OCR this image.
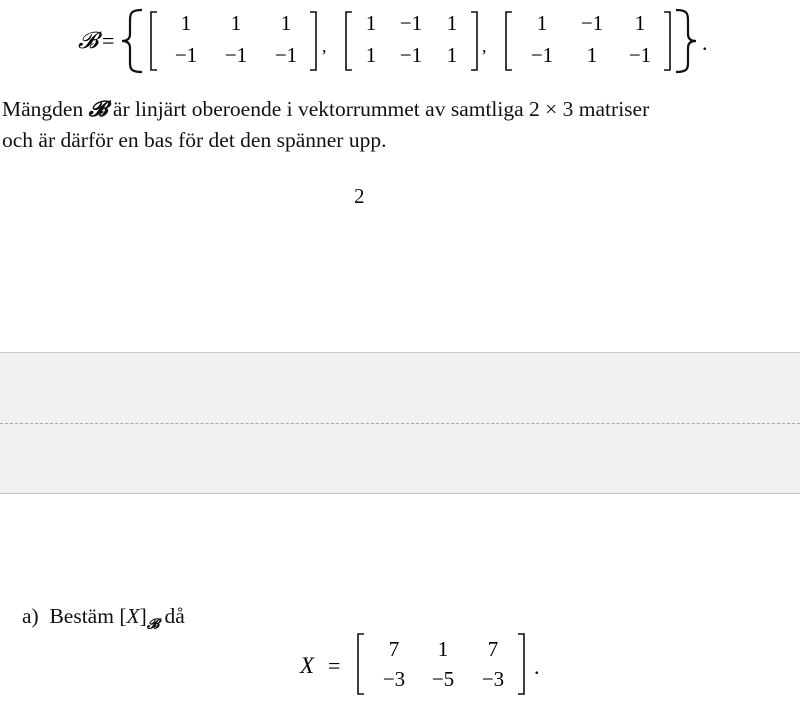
𝓑 =
1 1 1
−1 −1 −1 ,
1 −1 1
1 −1 1 ,
1 −1 1
−1 1 −1 .
Mängden 𝓑 är linjärt oberoende i vektorrummet av samtliga 2 × 3 matriser
och är därför en bas för det den spänner upp.
2
a) Bestäm $[X]_𝓑$ då
X =
7 1 7
−3 −5 −3 .
